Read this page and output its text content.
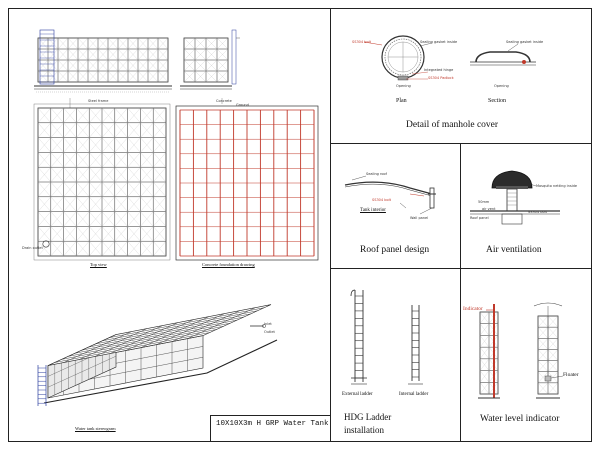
Top view	Concrete foundation drawing
Water tank stereogram
10X10X3m H GRP Water Tank
Steel frame	Concrete
Ground
Drain outlet
Inlet
Outlet
Sealing gasket inside
SS304 bolt
Integrated hinge
SS304 Padlock
Sealing gasket inside
Opening	Opening
Plan	Section
Detail of manhole cover
Sealing roof
SS304 bolt
Tank interior
Wall panel
Roof panel design
Mosquito netting inside
50mm
air vent
Roof panel
SS304 bolt
Air ventilation
External ladder	Internal ladder
HDG Ladder
installation
Indicator
Floater
Water level indicator
